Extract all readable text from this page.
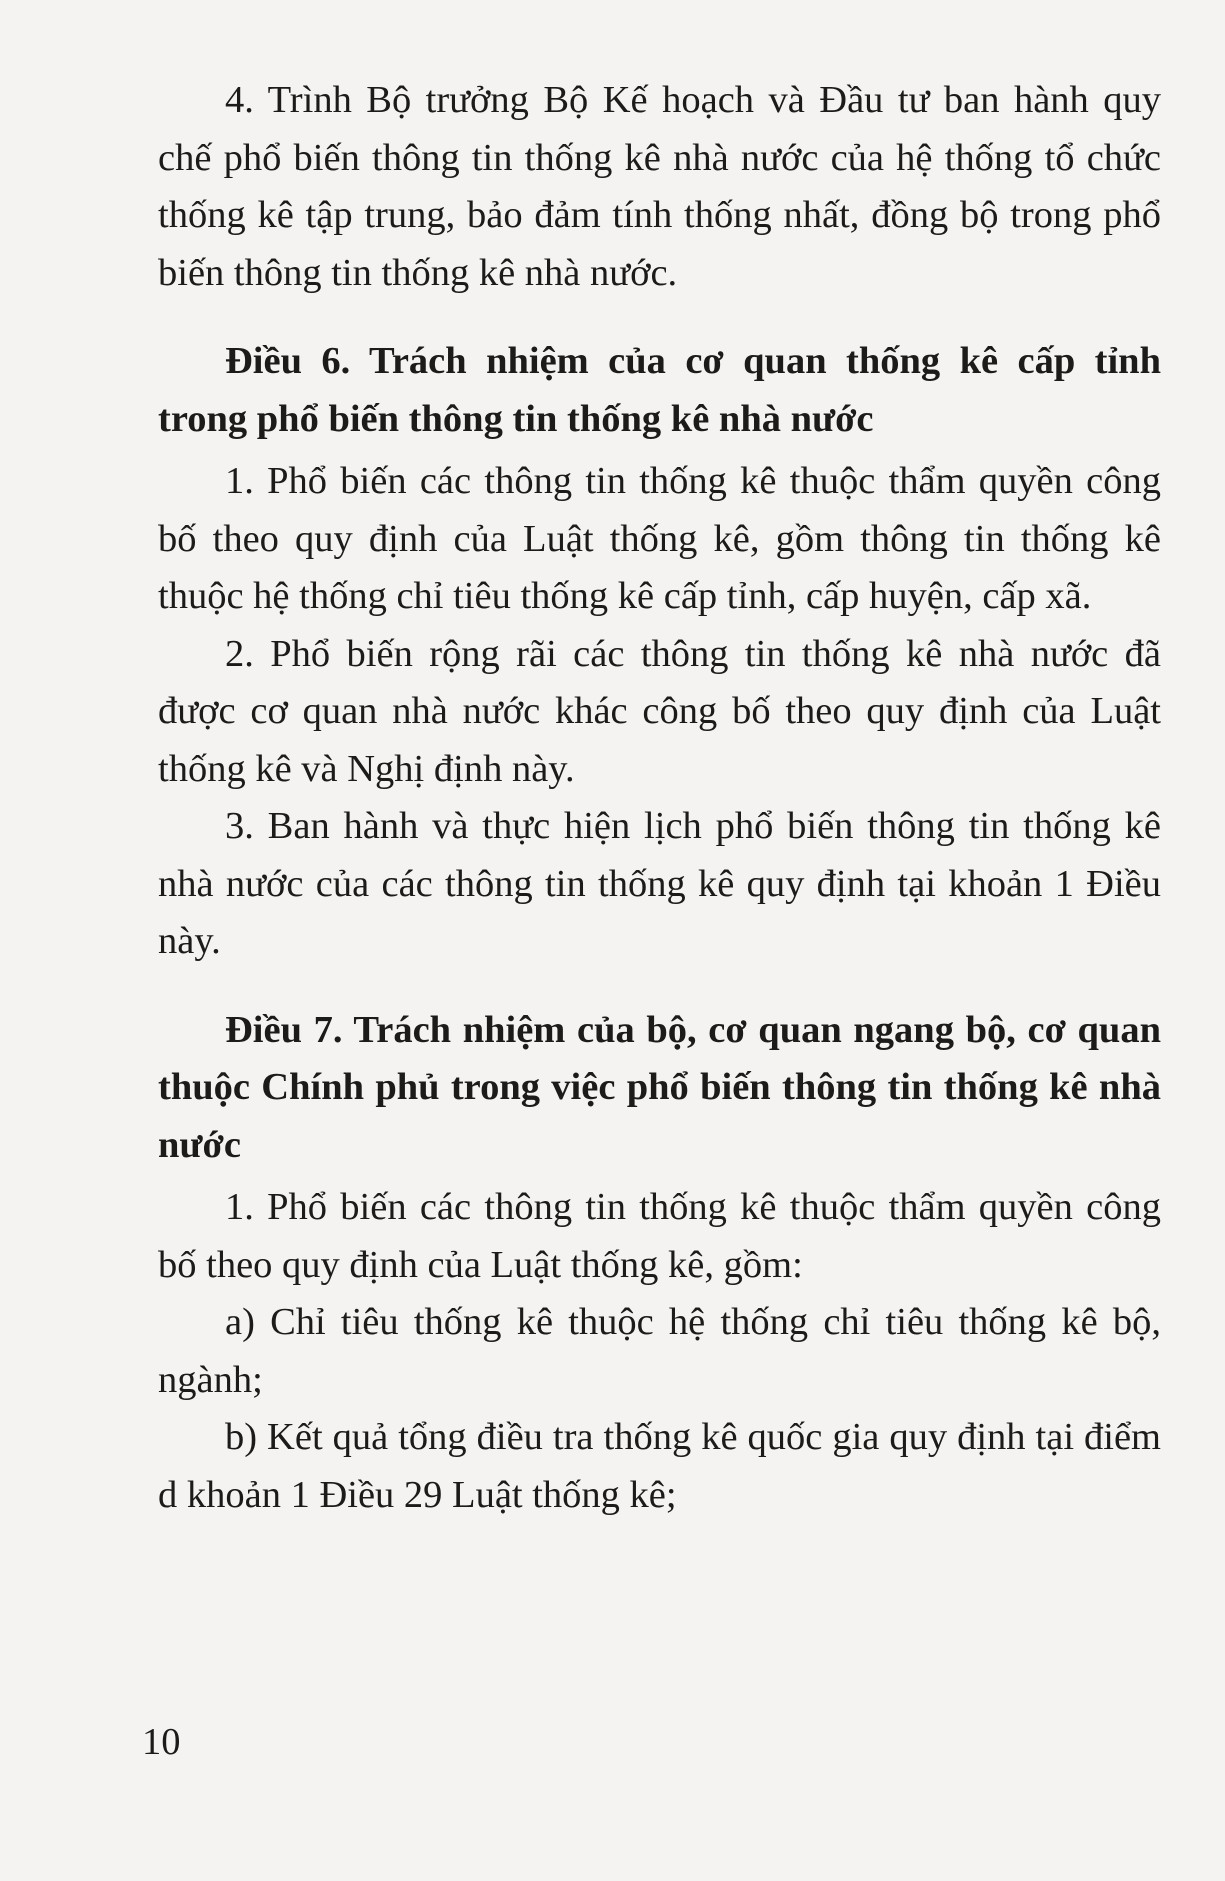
4. Trình Bộ trưởng Bộ Kế hoạch và Đầu tư ban hành quy chế phổ biến thông tin thống kê nhà nước của hệ thống tổ chức thống kê tập trung, bảo đảm tính thống nhất, đồng bộ trong phổ biến thông tin thống kê nhà nước.

Điều 6. Trách nhiệm của cơ quan thống kê cấp tỉnh trong phổ biến thông tin thống kê nhà nước

1. Phổ biến các thông tin thống kê thuộc thẩm quyền công bố theo quy định của Luật thống kê, gồm thông tin thống kê thuộc hệ thống chỉ tiêu thống kê cấp tỉnh, cấp huyện, cấp xã.

2. Phổ biến rộng rãi các thông tin thống kê nhà nước đã được cơ quan nhà nước khác công bố theo quy định của Luật thống kê và Nghị định này.

3. Ban hành và thực hiện lịch phổ biến thông tin thống kê nhà nước của các thông tin thống kê quy định tại khoản 1 Điều này.

Điều 7. Trách nhiệm của bộ, cơ quan ngang bộ, cơ quan thuộc Chính phủ trong việc phổ biến thông tin thống kê nhà nước

1. Phổ biến các thông tin thống kê thuộc thẩm quyền công bố theo quy định của Luật thống kê, gồm:

a) Chỉ tiêu thống kê thuộc hệ thống chỉ tiêu thống kê bộ, ngành;

b) Kết quả tổng điều tra thống kê quốc gia quy định tại điểm d khoản 1 Điều 29 Luật thống kê;

10
